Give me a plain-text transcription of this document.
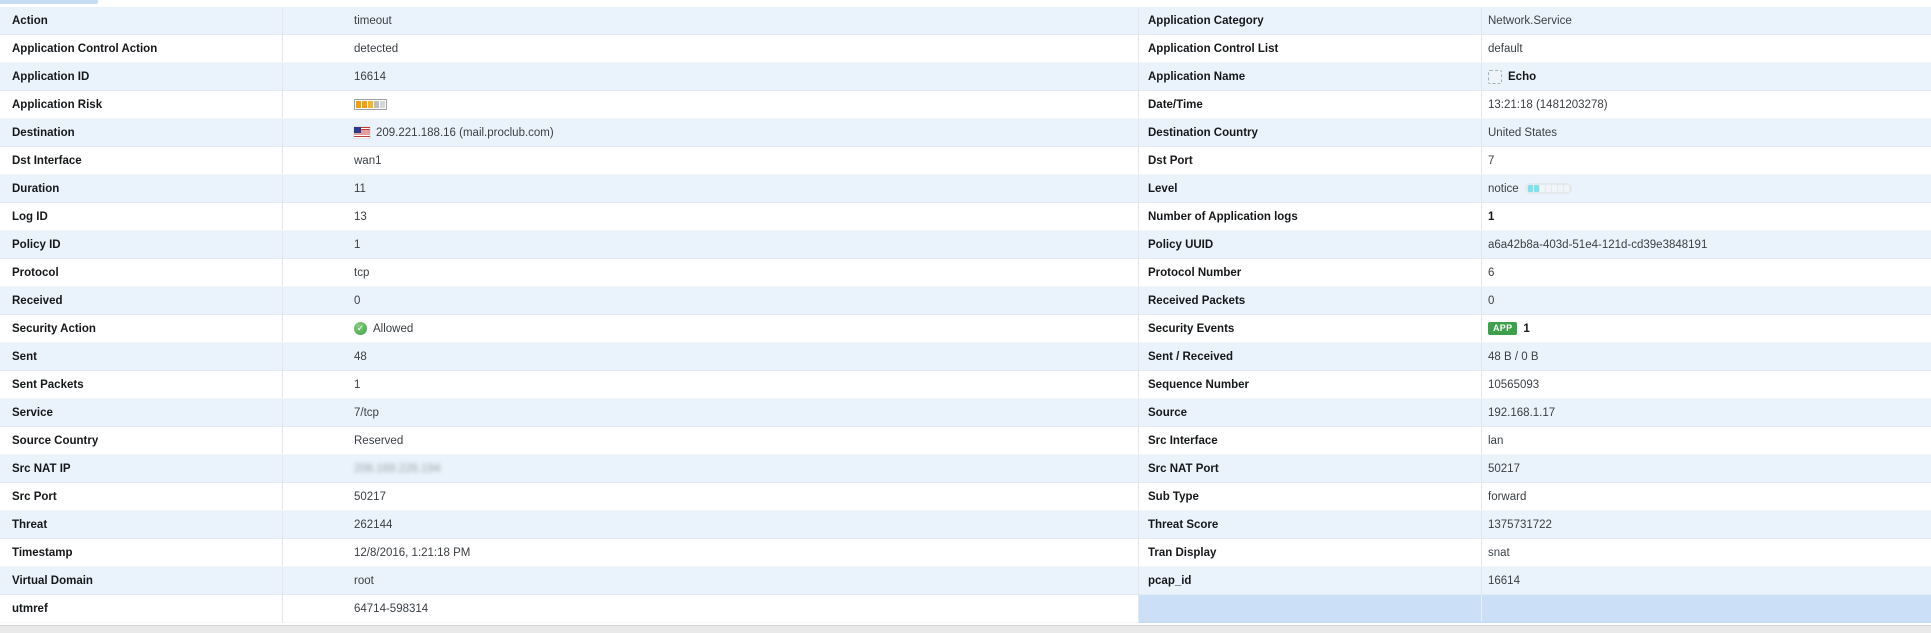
Action	timeout
Application Control Action	detected
Application ID	16614
Application Risk
Destination	209.221.188.16 (mail.proclub.com)
Dst Interface	wan1
Duration	11
Log ID	13
Policy ID	1
Protocol	tcp
Received	0
Security Action	✓ Allowed
Sent	48
Sent Packets	1
Service	7/tcp
Source Country	Reserved
Src NAT IP	206.169.226.194
Src Port	50217
Threat	262144
Timestamp	12/8/2016, 1:21:18 PM
Virtual Domain	root
utmref	64714-598314
Application Category	Network.Service
Application Control List	default
Application Name	Echo
Date/Time	13:21:18 (1481203278)
Destination Country	United States
Dst Port	7
Level	notice
Number of Application logs	1
Policy UUID	a6a42b8a-403d-51e4-121d-cd39e3848191
Protocol Number	6
Received Packets	0
Security Events	APP 1
Sent / Received	48 B / 0 B
Sequence Number	10565093
Source	192.168.1.17
Src Interface	lan
Src NAT Port	50217
Sub Type	forward
Threat Score	1375731722
Tran Display	snat
pcap_id	16614
